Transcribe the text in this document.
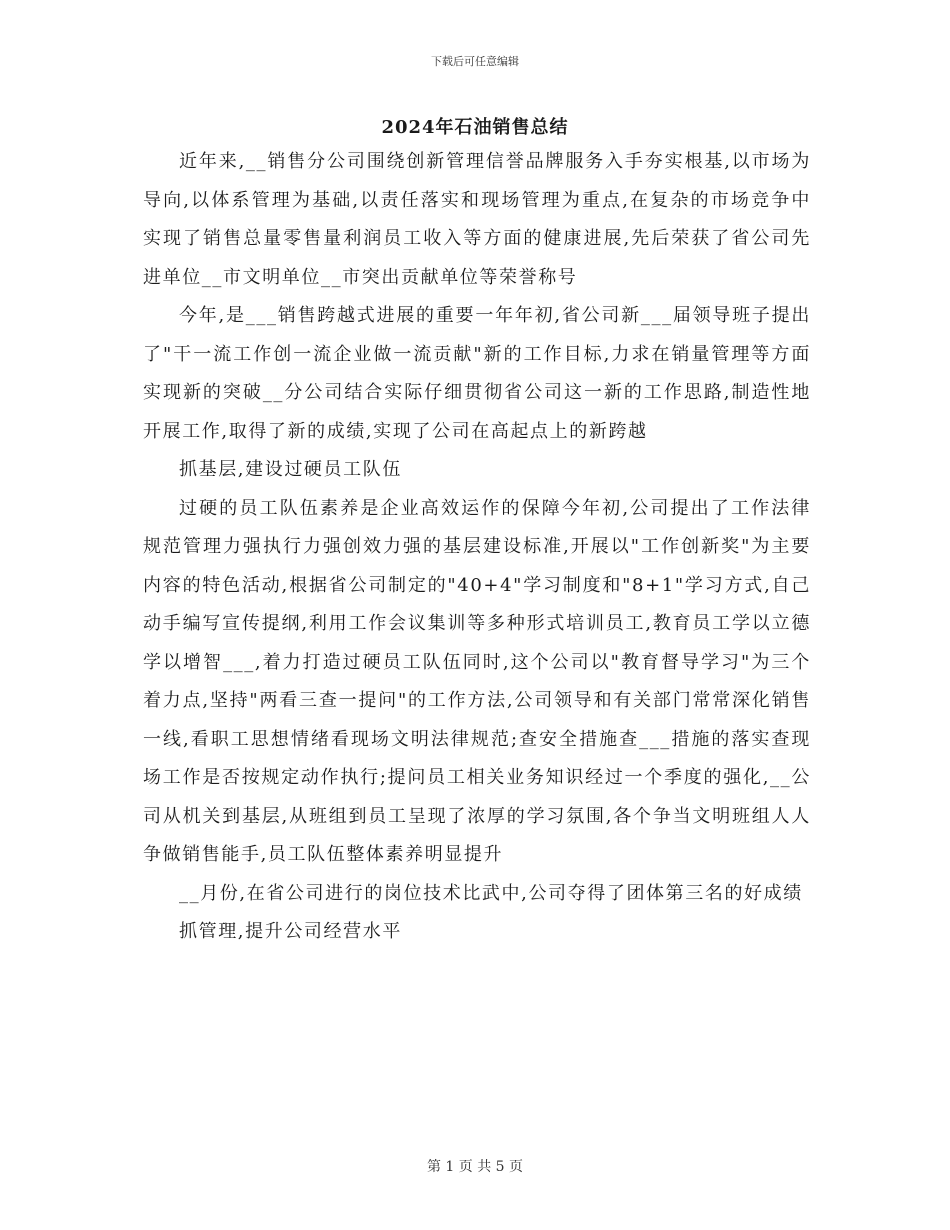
下载后可任意编辑
2024年石油销售总结

近年来,__销售分公司围绕创新管理信誉品牌服务入手夯实根基,以市场为导向,以体系管理为基础,以责任落实和现场管理为重点,在复杂的市场竞争中实现了销售总量零售量利润员工收入等方面的健康进展,先后荣获了省公司先进单位__市文明单位__市突出贡献单位等荣誉称号

今年,是___销售跨越式进展的重要一年年初,省公司新___届领导班子提出了"干一流工作创一流企业做一流贡献"新的工作目标,力求在销量管理等方面实现新的突破__分公司结合实际仔细贯彻省公司这一新的工作思路,制造性地开展工作,取得了新的成绩,实现了公司在高起点上的新跨越

抓基层,建设过硬员工队伍

过硬的员工队伍素养是企业高效运作的保障今年初,公司提出了工作法律规范管理力强执行力强创效力强的基层建设标准,开展以"工作创新奖"为主要内容的特色活动,根据省公司制定的"40+4"学习制度和"8+1"学习方式,自己动手编写宣传提纲,利用工作会议集训等多种形式培训员工,教育员工学以立德学以增智___,着力打造过硬员工队伍同时,这个公司以"教育督导学习"为三个着力点,坚持"两看三查一提问"的工作方法,公司领导和有关部门常常深化销售一线,看职工思想情绪看现场文明法律规范;查安全措施查___措施的落实查现场工作是否按规定动作执行;提问员工相关业务知识经过一个季度的强化,__公司从机关到基层,从班组到员工呈现了浓厚的学习氛围,各个争当文明班组人人争做销售能手,员工队伍整体素养明显提升

__月份,在省公司进行的岗位技术比武中,公司夺得了团体第三名的好成绩

抓管理,提升公司经营水平

第 1 页 共 5 页
